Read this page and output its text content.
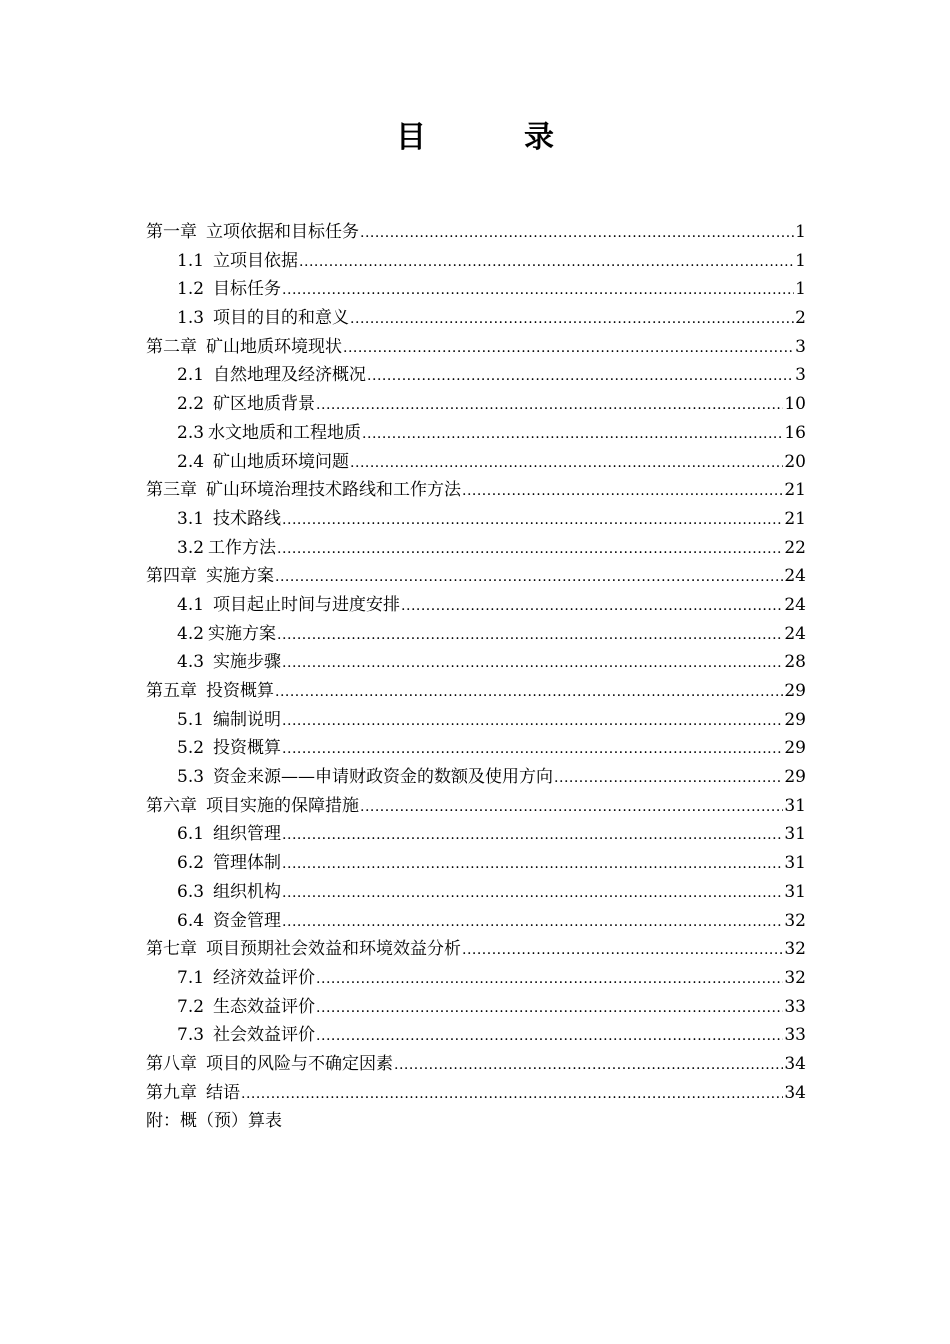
目　录
第一章 立项依据和目标任务 .....	1
1.1 立项目依据 .....	1
1.2 目标任务 .....	1
1.3 项目的目的和意义 .....	2
第二章 矿山地质环境现状 .....	3
2.1 自然地理及经济概况 .....	3
2.2 矿区地质背景 .....	10
2.3 水文地质和工程地质 .....	16
2.4 矿山地质环境问题 .....	20
第三章 矿山环境治理技术路线和工作方法 .....	21
3.1 技术路线 .....	21
3.2 工作方法 .....	22
第四章 实施方案 .....	24
4.1 项目起止时间与进度安排 .....	24
4.2 实施方案 .....	24
4.3 实施步骤 .....	28
第五章 投资概算 .....	29
5.1 编制说明 .....	29
5.2 投资概算 .....	29
5.3 资金来源——申请财政资金的数额及使用方向 .....	29
第六章 项目实施的保障措施 .....	31
6.1 组织管理 .....	31
6.2 管理体制 .....	31
6.3 组织机构 .....	31
6.4 资金管理 .....	32
第七章 项目预期社会效益和环境效益分析 .....	32
7.1 经济效益评价 .....	32
7.2 生态效益评价 .....	33
7.3 社会效益评价 .....	33
第八章 项目的风险与不确定因素 .....	34
第九章 结语 .....	34
附：概（预）算表
